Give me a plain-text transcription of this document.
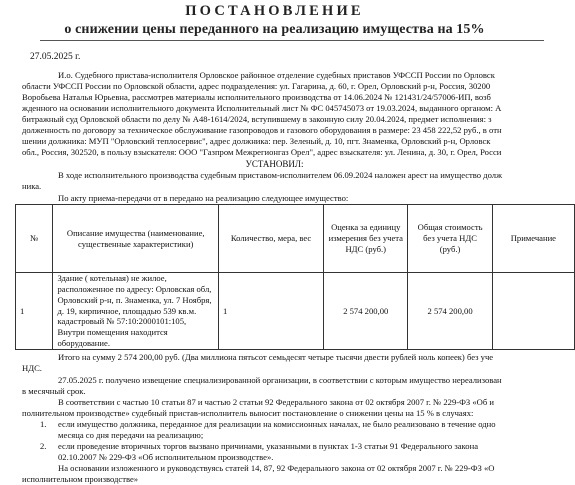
ПОСТАНОВЛЕНИЕ
о снижении цены переданного на реализацию имущества на 15%
27.05.2025 г.
И.о. Судебного пристава-исполнителя Орловское районное отделение судебных приставов УФССП России по Орловск
области УФССП России по Орловской области, адрес подразделения: ул. Гагарина, д. 60, г. Орел, Орловский р-н, Россия, 30200
Воробьева Наталья Юрьевна, рассмотрев материалы исполнительного производства от 14.06.2024 № 121431/24/57006-ИП, возб
жденного на основании исполнительного документа Исполнительный лист № ФС 045745073 от 19.03.2024, выданного органом: А
битражный суд Орловской области по делу № А48-1614/2024, вступившему в законную силу 20.04.2024, предмет исполнения: з
долженность по договору за техническое обслуживание газопроводов и газового оборудования в размере: 23 458 222,52 руб., в отн
шении должника: МУП "Орловский теплосервис", адрес должника: пер. Зеленый, д. 10, пгт. Знаменка, Орловский р-н, Орловск
обл., Россия, 302520, в пользу взыскателя: ООО "Газпром Межрегионгаз Орел", адрес взыскателя: ул. Ленина, д. 30, г. Орел, Росси
УСТАНОВИЛ:
В ходе исполнительного производства судебным приставом-исполнителем 06.09.2024 наложен арест на имущество долж
ника.
По акту приема-передачи от в передано на реализацию следующее имущество:
№	Описание имущества (наименование, существенные характеристики)	Количество, мера, вес	Оценка за единицу измерения без учета НДС (руб.)	Общая стоимость без учета НДС (руб.)	Примечание
1	Здание ( котельная) не жилое, расположенное по адресу: Орловская обл, Орловский р-н, п. Знаменка, ул. 7 Ноября, д. 19, кирпичное, площадью 539 кв.м. кадастровый № 57:10:2000101:105, Внутри помещения находится оборудование.	1	2 574 200,00	2 574 200,00	
Итого на сумму 2 574 200,00 руб. (Два миллиона пятьсот семьдесят четыре тысячи двести рублей ноль копеек) без уче
НДС.
27.05.2025 г. получено извещение специализированной организации, в соответствии с которым имущество нереализован
в месячный срок.
В соответствии с частью 10 статьи 87 и частью 2 статьи 92 Федерального закона от 02 октября 2007 г. № 229-ФЗ «Об и
полнительном производстве» судебный пристав-исполнитель выносит постановление о снижении цены на 15 % в случаях:
1. если имущество должника, переданное для реализации на комиссионных началах, не было реализовано в течение одно
месяца со дня передачи на реализацию;
2. если проведение вторичных торгов вызвано причинами, указанными в пунктах 1-3 статьи 91 Федерального закона
02.10.2007 № 229-ФЗ «Об исполнительном производстве».
На основании изложенного и руководствуясь статей 14, 87, 92 Федерального закона от 02 октября 2007 г. № 229-ФЗ «О
исполнительном производстве»
